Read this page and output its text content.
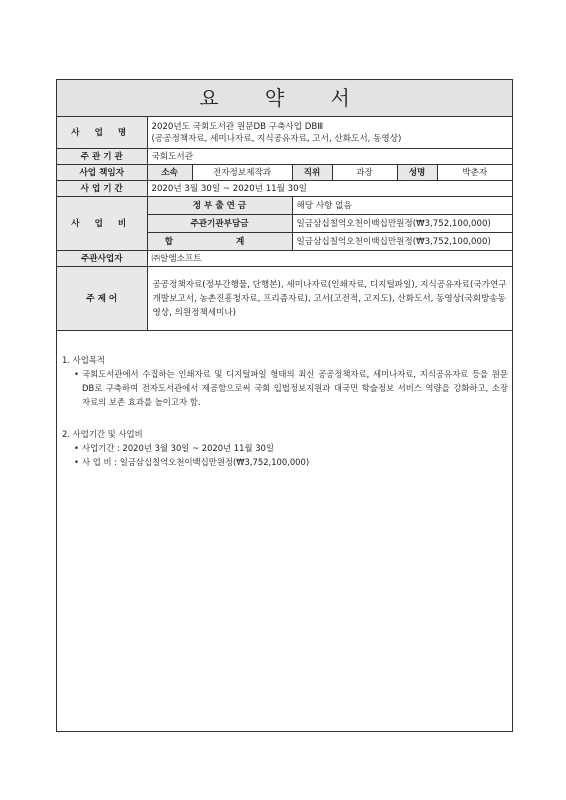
요 약 서						
사 업 명	2020년도 국회도서관 원문DB 구축사업 DBⅢ
(공공정책자료, 세미나자료, 지식공유자료, 고서, 산화도서, 동영상)					

주 관 기 관	국회도서관					
사업 책임자	소속	전자정보제작과	직위	과장	성명	박춘자
사 업 기 간	2020년 3월 30일 ~ 2020년 11월 30일					
사 업 비	정 부 출 연 금		해당 사항 없음			
	주관기관부담금		일금삼십칠억오천이백십만원정(₩3,752,100,000)			
	합 계		일금삼십칠억오천이백십만원정(₩3,752,100,000)			
주관사업자	㈜알엠소프트					
주 제 어	공공정책자료(정부간행물, 단행본), 세미나자료(인쇄자료, 디지털파일), 지식공유자료(국가연구개발보고서, 농촌진흥청자료, 프리즘자료), 고서(고전적, 고지도), 산화도서, 동영상(국회방송동영상, 의원정책세미나)					

1. 사업목적

• 국회도서관에서 수집하는 인쇄자료 및 디지털파일 형태의 최신 공공정책자료, 세미나자료, 지식공유자료 등을 원문DB로 구축하여 전자도서관에서 제공함으로써 국회 입법정보지원과 대국민 학술정보 서비스 역량을 강화하고, 소장 자료의 보존 효과를 높이고자 함.

2. 사업기간 및 사업비

• 사업기간 : 2020년 3월 30일 ~ 2020년 11월 30일
• 사 업 비 : 일금삼십칠억오천이백십만원정(₩3,752,100,000)
